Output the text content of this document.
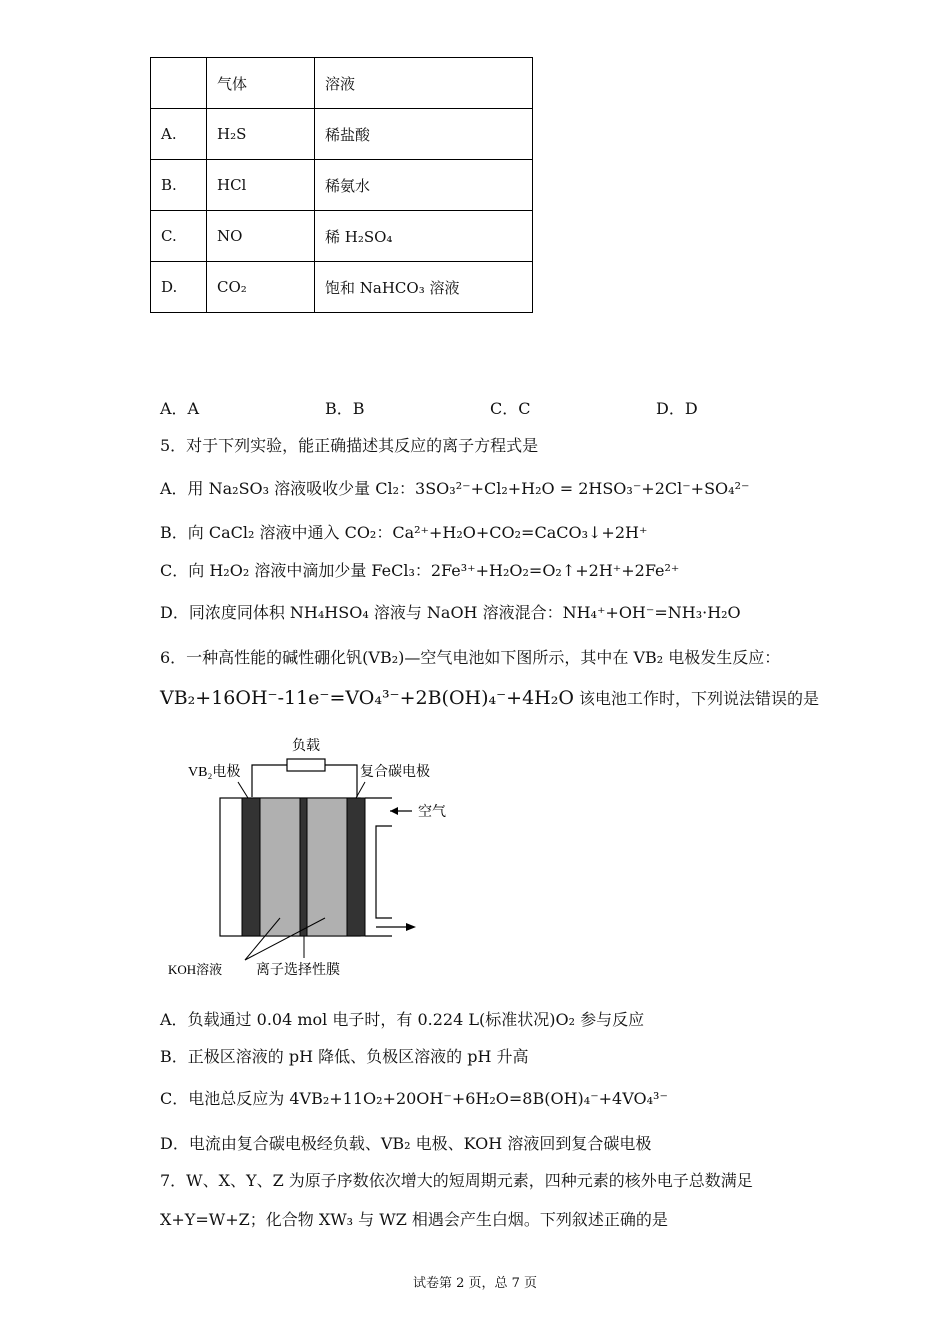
	气体	溶液
A.	H₂S	稀盐酸
B.	HCl	稀氨水
C.	NO	稀 H₂SO₄
D.	CO₂	饱和 NaHCO₃ 溶液
A．A	B．B	C．C	D．D
5．对于下列实验，能正确描述其反应的离子方程式是
A．用 Na₂SO₃ 溶液吸收少量 Cl₂：3SO₃²⁻+Cl₂+H₂O = 2HSO₃⁻+2Cl⁻+SO₄²⁻
B．向 CaCl₂ 溶液中通入 CO₂：Ca²⁺+H₂O+CO₂=CaCO₃↓+2H⁺
C．向 H₂O₂ 溶液中滴加少量 FeCl₃：2Fe³⁺+H₂O₂=O₂↑+2H⁺+2Fe²⁺
D．同浓度同体积 NH₄HSO₄ 溶液与 NaOH 溶液混合：NH₄⁺+OH⁻=NH₃·H₂O
6．一种高性能的碱性硼化钒(VB₂)—空气电池如下图所示，其中在 VB₂ 电极发生反应：
VB₂+16OH⁻-11e⁻=VO₄³⁻+2B(OH)₄⁻+4H₂O 该电池工作时，下列说法错误的是
负载
VB₂电极	复合碳电极
空气
KOH溶液 离子选择性膜
A．负载通过 0.04 mol 电子时，有 0.224 L(标准状况)O₂ 参与反应
B．正极区溶液的 pH 降低、负极区溶液的 pH 升高
C．电池总反应为 4VB₂+11O₂+20OH⁻+6H₂O=8B(OH)₄⁻+4VO₄³⁻
D．电流由复合碳电极经负载、VB₂ 电极、KOH 溶液回到复合碳电极
7．W、X、Y、Z 为原子序数依次增大的短周期元素，四种元素的核外电子总数满足
X+Y=W+Z；化合物 XW₃ 与 WZ 相遇会产生白烟。下列叙述正确的是
试卷第 2 页，总 7 页
